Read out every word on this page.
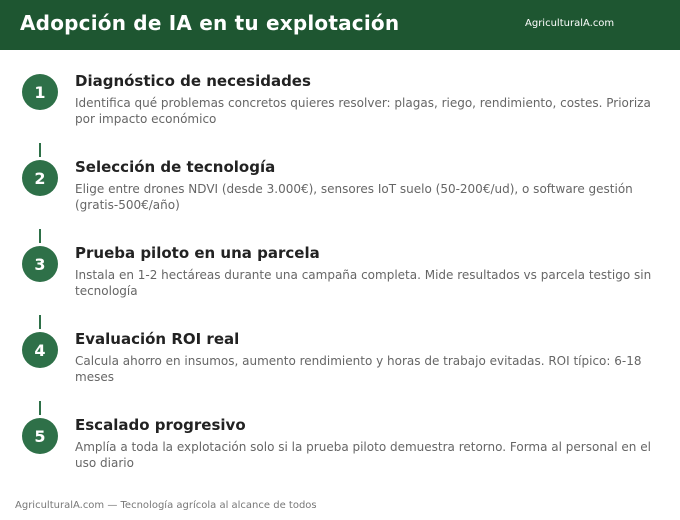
Adopción de IA en tu explotación	AgriculturalA.com
1
Diagnóstico de necesidades
Identifica qué problemas concretos quieres resolver: plagas, riego, rendimiento, costes. Prioriza por impacto económico
2
Selección de tecnología
Elige entre drones NDVI (desde 3.000€), sensores IoT suelo (50-200€/ud), o software gestión (gratis-500€/año)
3
Prueba piloto en una parcela
Instala en 1-2 hectáreas durante una campaña completa. Mide resultados vs parcela testigo sin tecnología
4
Evaluación ROI real
Calcula ahorro en insumos, aumento rendimiento y horas de trabajo evitadas. ROI típico: 6-18 meses
5
Escalado progresivo
Amplía a toda la explotación solo si la prueba piloto demuestra retorno. Forma al personal en el uso diario
AgriculturalA.com — Tecnología agrícola al alcance de todos
